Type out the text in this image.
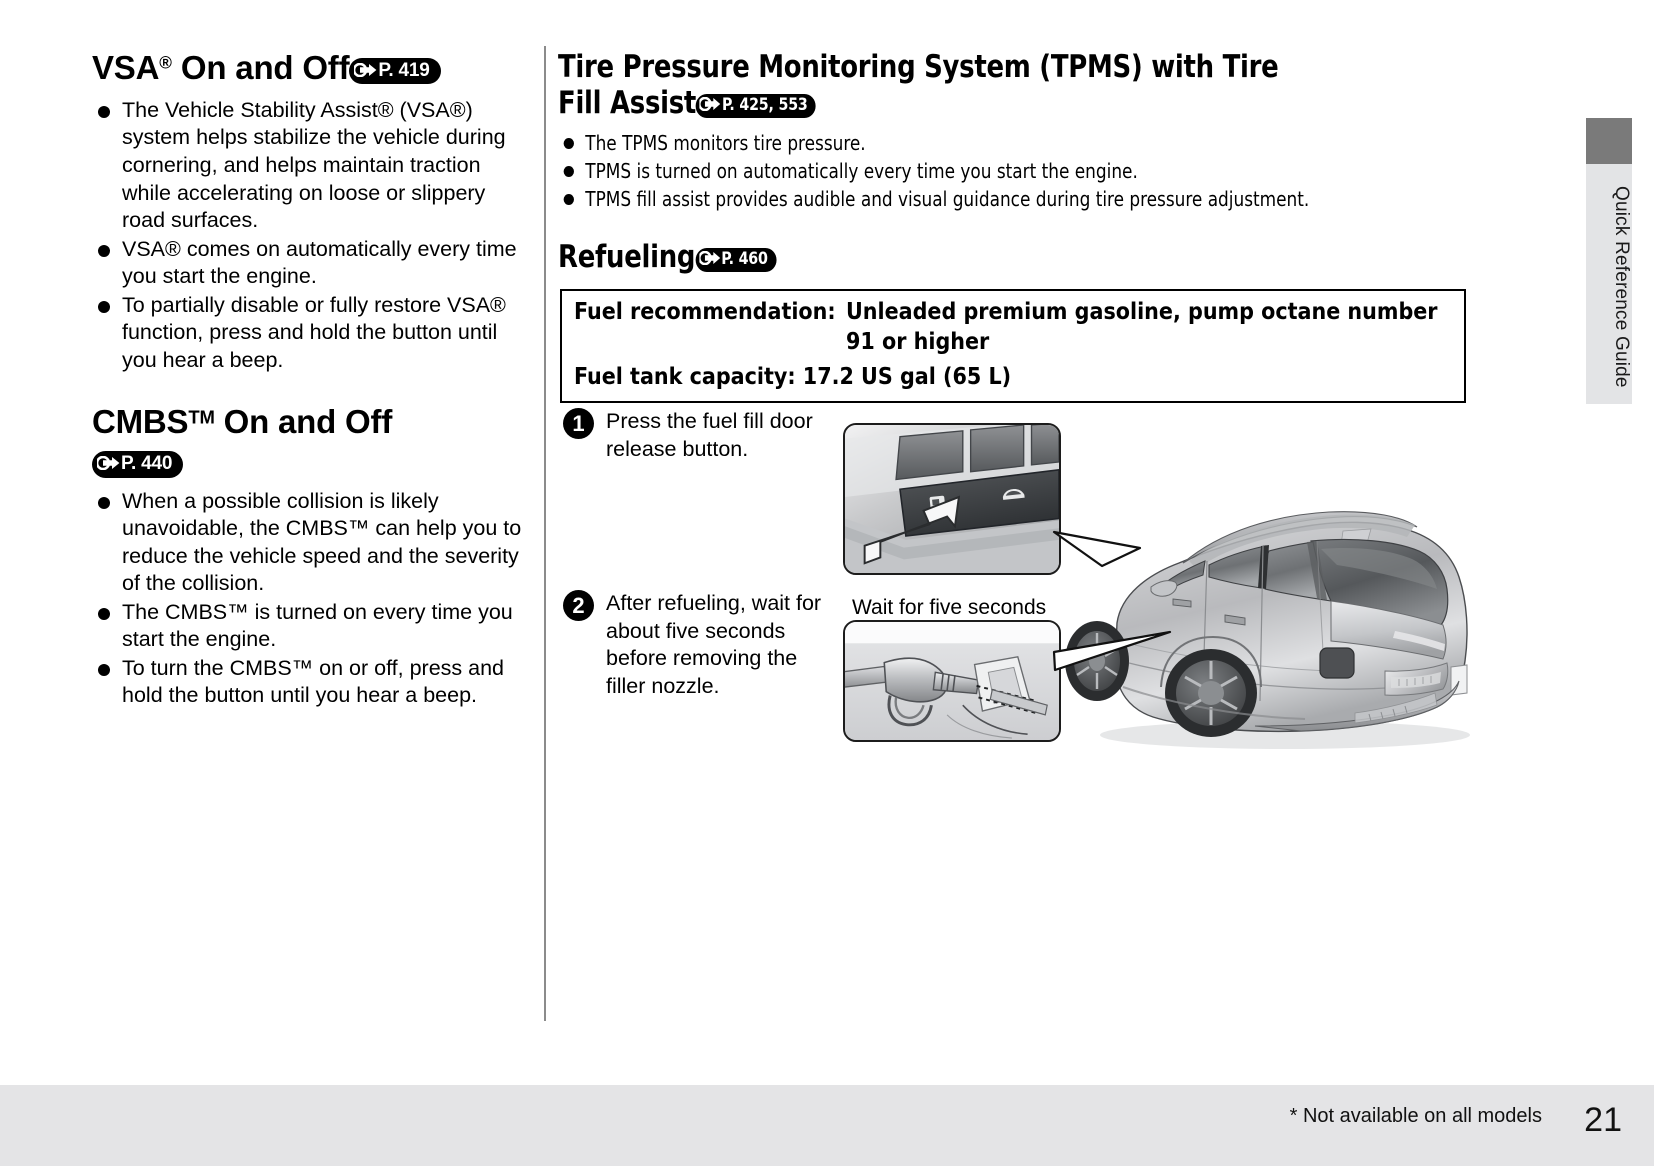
VSA® On and Off P. 419
The Vehicle Stability Assist® (VSA®) system helps stabilize the vehicle during cornering, and helps maintain traction while accelerating on loose or slippery road surfaces.
VSA® comes on automatically every time you start the engine.
To partially disable or fully restore VSA® function, press and hold the button until you hear a beep.
CMBS™ On and Off
P. 440
When a possible collision is likely unavoidable, the CMBS™ can help you to reduce the vehicle speed and the severity of the collision.
The CMBS™ is turned on every time you start the engine.
To turn the CMBS™ on or off, press and hold the button until you hear a beep.
Tire Pressure Monitoring System (TPMS) with Tire
Fill Assist P. 425, 553
The TPMS monitors tire pressure.
TPMS is turned on automatically every time you start the engine.
TPMS fill assist provides audible and visual guidance during tire pressure adjustment.
Refueling P. 460
Fuel recommendation: Unleaded premium gasoline, pump octane number 91 or higher
Fuel tank capacity: 17.2 US gal (65 L)
1 Press the fuel fill door release button.
2 After refueling, wait for about five seconds before removing the filler nozzle.
Wait for five seconds
Quick Reference Guide
* Not available on all models 21
